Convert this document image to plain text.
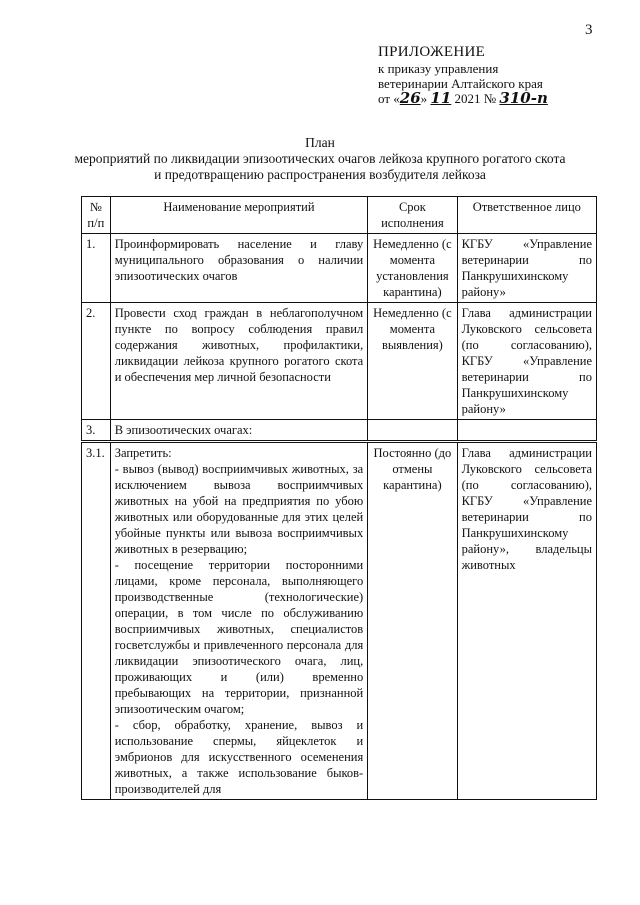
3
ПРИЛОЖЕНИЕ
к приказу управления
ветеринарии Алтайского края
от «26» 11 2021 № 310-п
План
мероприятий по ликвидации эпизоотических очагов лейкоза крупного рогатого скота
и предотвращению распространения возбудителя лейкоза
№ п/п	Наименование мероприятий	Срок исполнения	Ответственное лицо
1.	Проинформировать население и главу муниципального образования о наличии эпизоотических очагов	Немедленно (с момента установления карантина)	КГБУ «Управление ветеринарии по Панкрушихинскому району»
2.	Провести сход граждан в неблагополучном пункте по вопросу соблюдения правил содержания животных, профилактики, ликвидации лейкоза крупного рогатого скота и обеспечения мер личной безопасности	Немедленно (с момента выявления)	Глава администрации Луковского сельсовета (по согласованию), КГБУ «Управление ветеринарии по Панкрушихинскому району»
3.	В эпизоотических очагах:		
3.1.	Запретить:
- вывоз (вывод) восприимчивых животных, за исключением вывоза восприимчивых животных на убой на предприятия по убою животных или оборудованные для этих целей убойные пункты или вывоза восприимчивых животных в резервацию;
- посещение территории посторонними лицами, кроме персонала, выполняющего производственные (технологические) операции, в том числе по обслуживанию восприимчивых животных, специалистов госветслужбы и привлеченного персонала для ликвидации эпизоотического очага, лиц, проживающих и (или) временно пребывающих на территории, признанной эпизоотическим очагом;
- сбор, обработку, хранение, вывоз и использование спермы, яйцеклеток и эмбрионов для искусственного осеменения животных, а также использование быков-производителей для	Постоянно (до отмены карантина)	Глава администрации Луковского сельсовета (по согласованию), КГБУ «Управление ветеринарии по Панкрушихинскому району», владельцы животных
